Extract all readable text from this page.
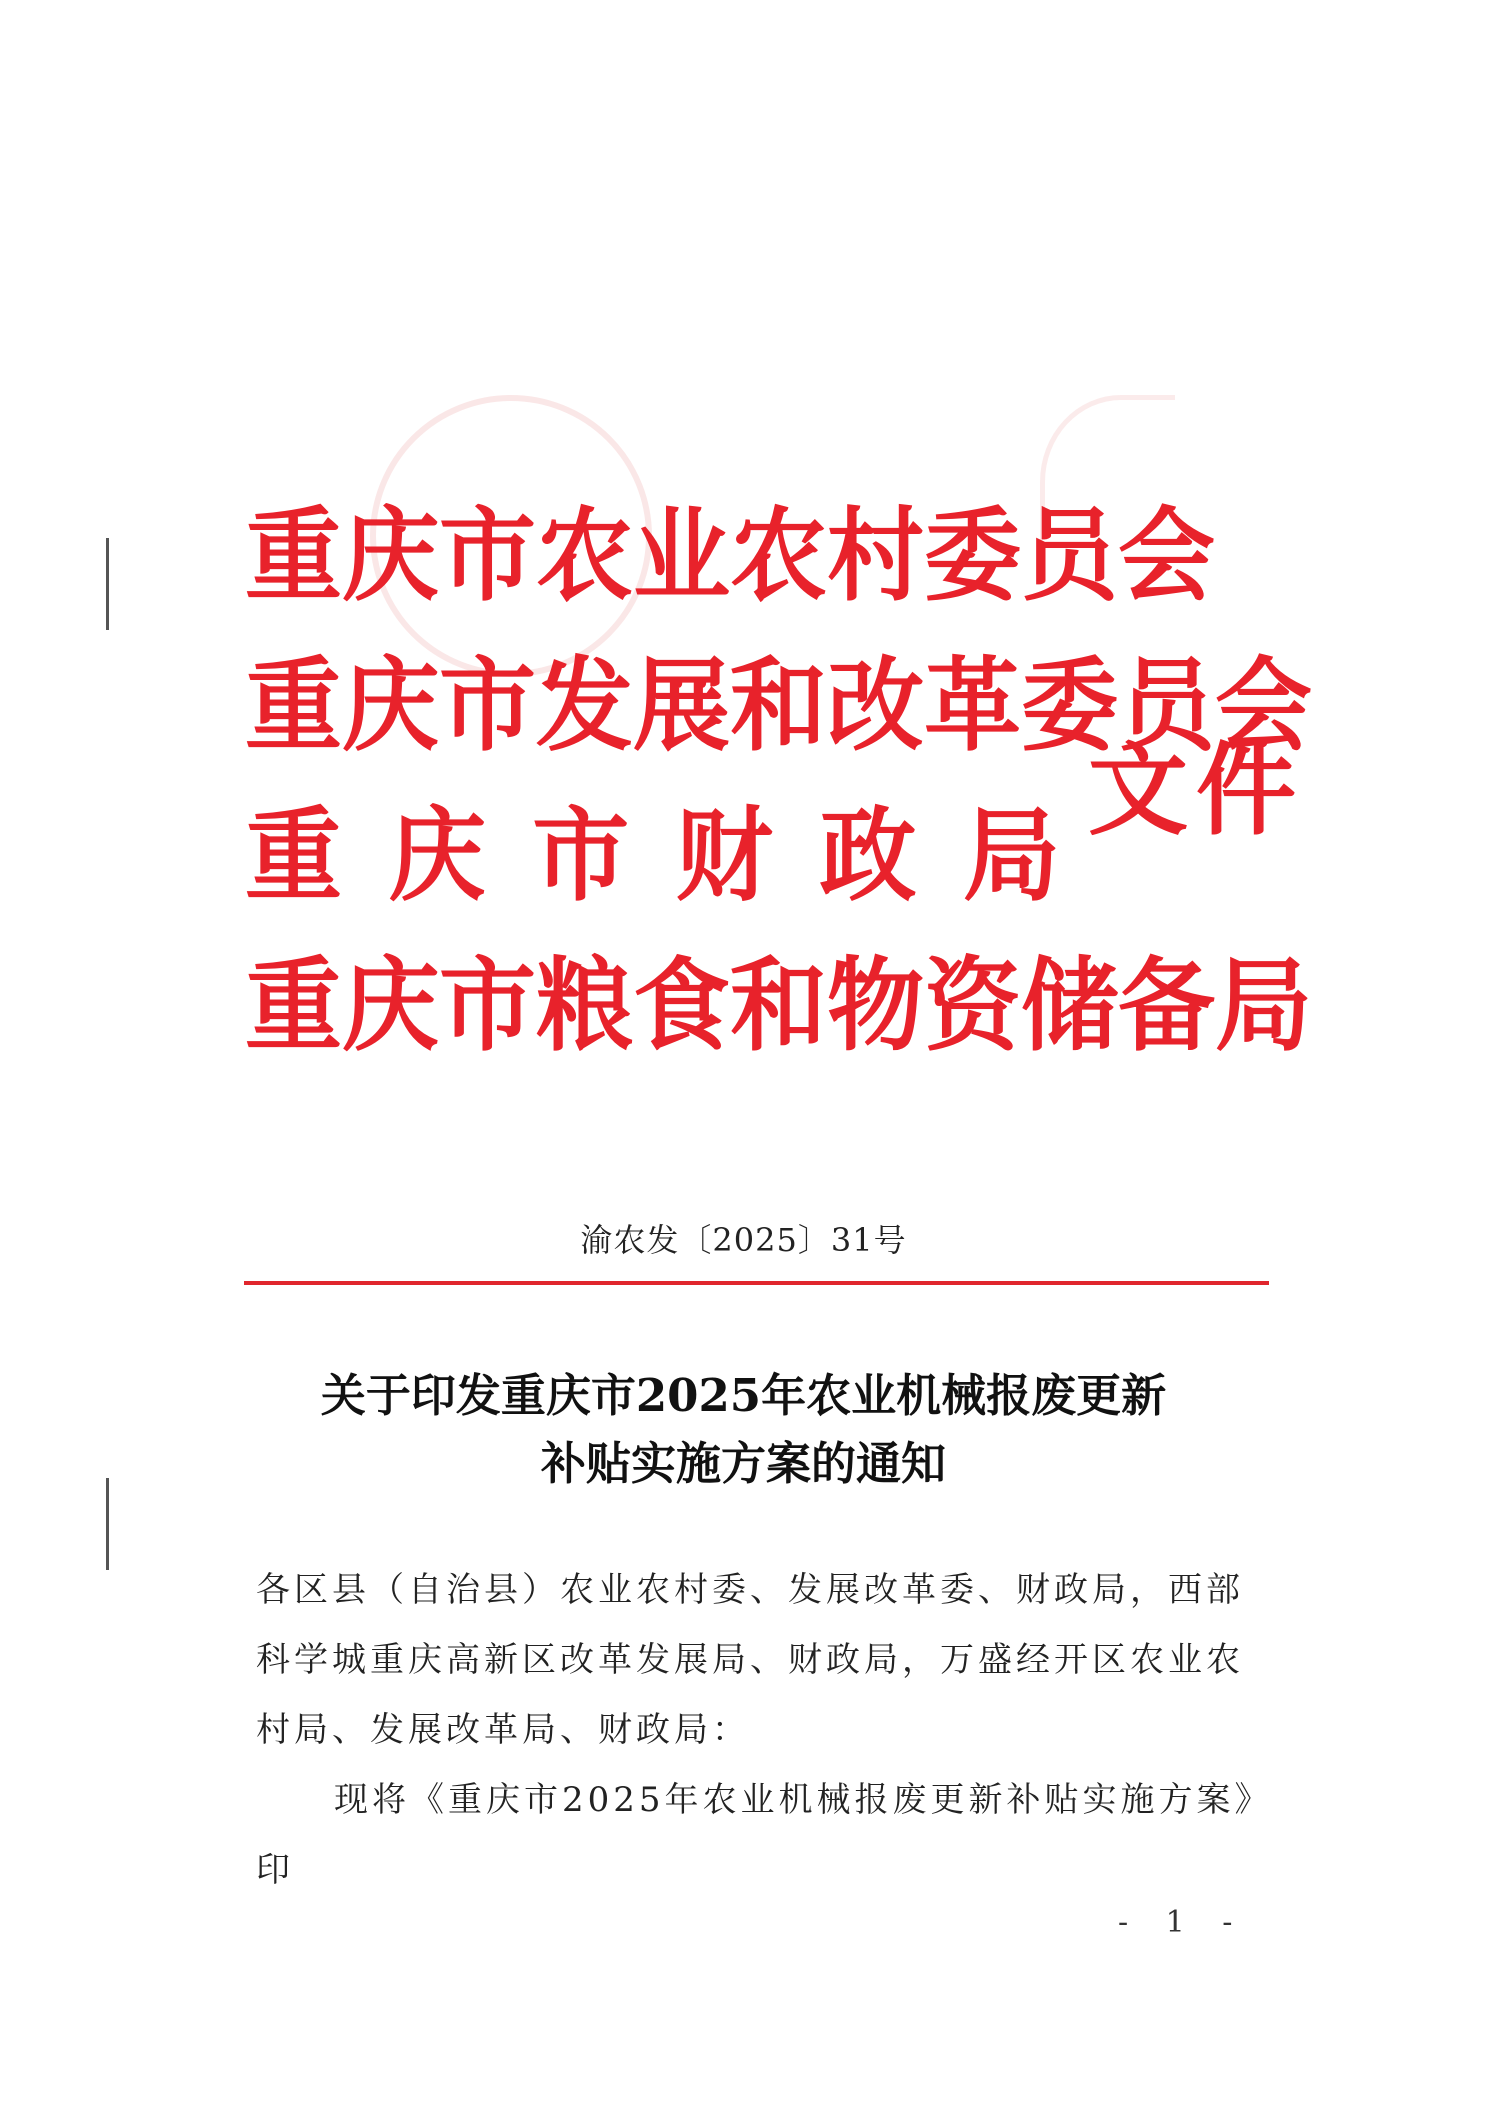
重庆市农业农村委员会
重庆市发展和改革委员会
重 庆 市 财 政 局
重庆市粮食和物资储备局
文件
渝农发〔2025〕31号
关于印发重庆市2025年农业机械报废更新
补贴实施方案的通知

各区县（自治县）农业农村委、发展改革委、财政局，西部科学城重庆高新区改革发展局、财政局，万盛经开区农业农村局、发展改革局、财政局：

现将《重庆市2025年农业机械报废更新补贴实施方案》印

- 1 -
